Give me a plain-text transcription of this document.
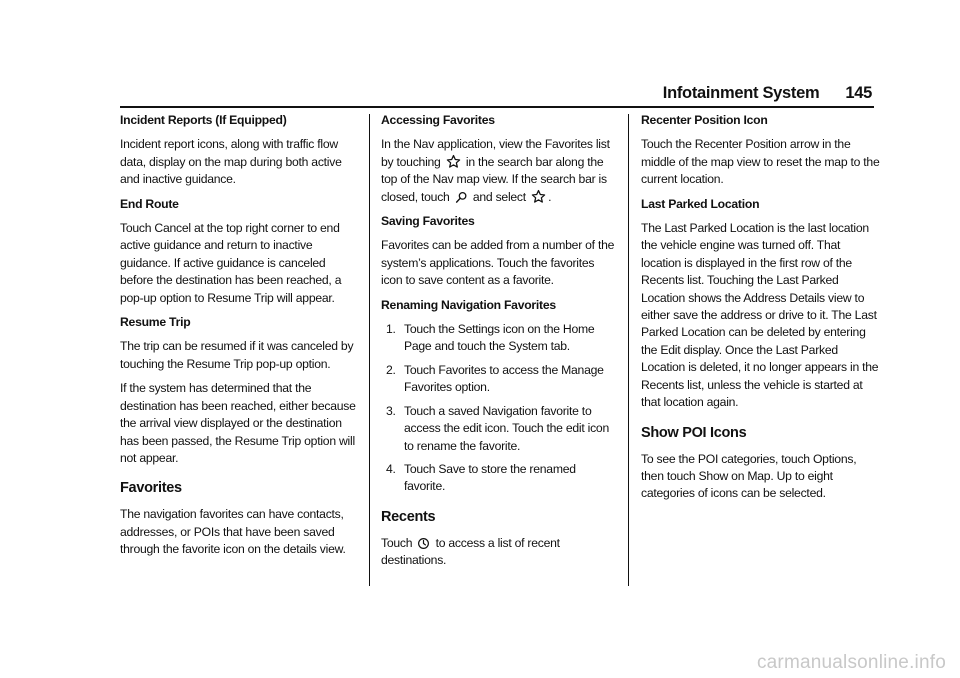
Infotainment System 145

Incident Reports (If Equipped)

Incident report icons, along with traffic flow data, display on the map during both active and inactive guidance.

End Route

Touch Cancel at the top right corner to end active guidance and return to inactive guidance. If active guidance is canceled before the destination has been reached, a pop-up option to Resume Trip will appear.

Resume Trip

The trip can be resumed if it was canceled by touching the Resume Trip pop-up option.

If the system has determined that the destination has been reached, either because the arrival view displayed or the destination has been passed, the Resume Trip option will not appear.

Favorites

The navigation favorites can have contacts, addresses, or POIs that have been saved through the favorite icon on the details view.

Accessing Favorites

In the Nav application, view the Favorites list by touching in the search bar along the top of the Nav map view. If the search bar is closed, touch and select .

Saving Favorites

Favorites can be added from a number of the system’s applications. Touch the favorites icon to save content as a favorite.

Renaming Navigation Favorites

1. Touch the Settings icon on the Home Page and touch the System tab.
2. Touch Favorites to access the Manage Favorites option.
3. Touch a saved Navigation favorite to access the edit icon. Touch the edit icon to rename the favorite.
4. Touch Save to store the renamed favorite.
Recents

Touch to access a list of recent destinations.

Recenter Position Icon

Touch the Recenter Position arrow in the middle of the map view to reset the map to the current location.

Last Parked Location

The Last Parked Location is the last location the vehicle engine was turned off. That location is displayed in the first row of the Recents list. Touching the Last Parked Location shows the Address Details view to either save the address or drive to it. The Last Parked Location can be deleted by entering the Edit display. Once the Last Parked Location is deleted, it no longer appears in the Recents list, unless the vehicle is started at that location again.

Show POI Icons

To see the POI categories, touch Options, then touch Show on Map. Up to eight categories of icons can be selected.

carmanualsonline.info
